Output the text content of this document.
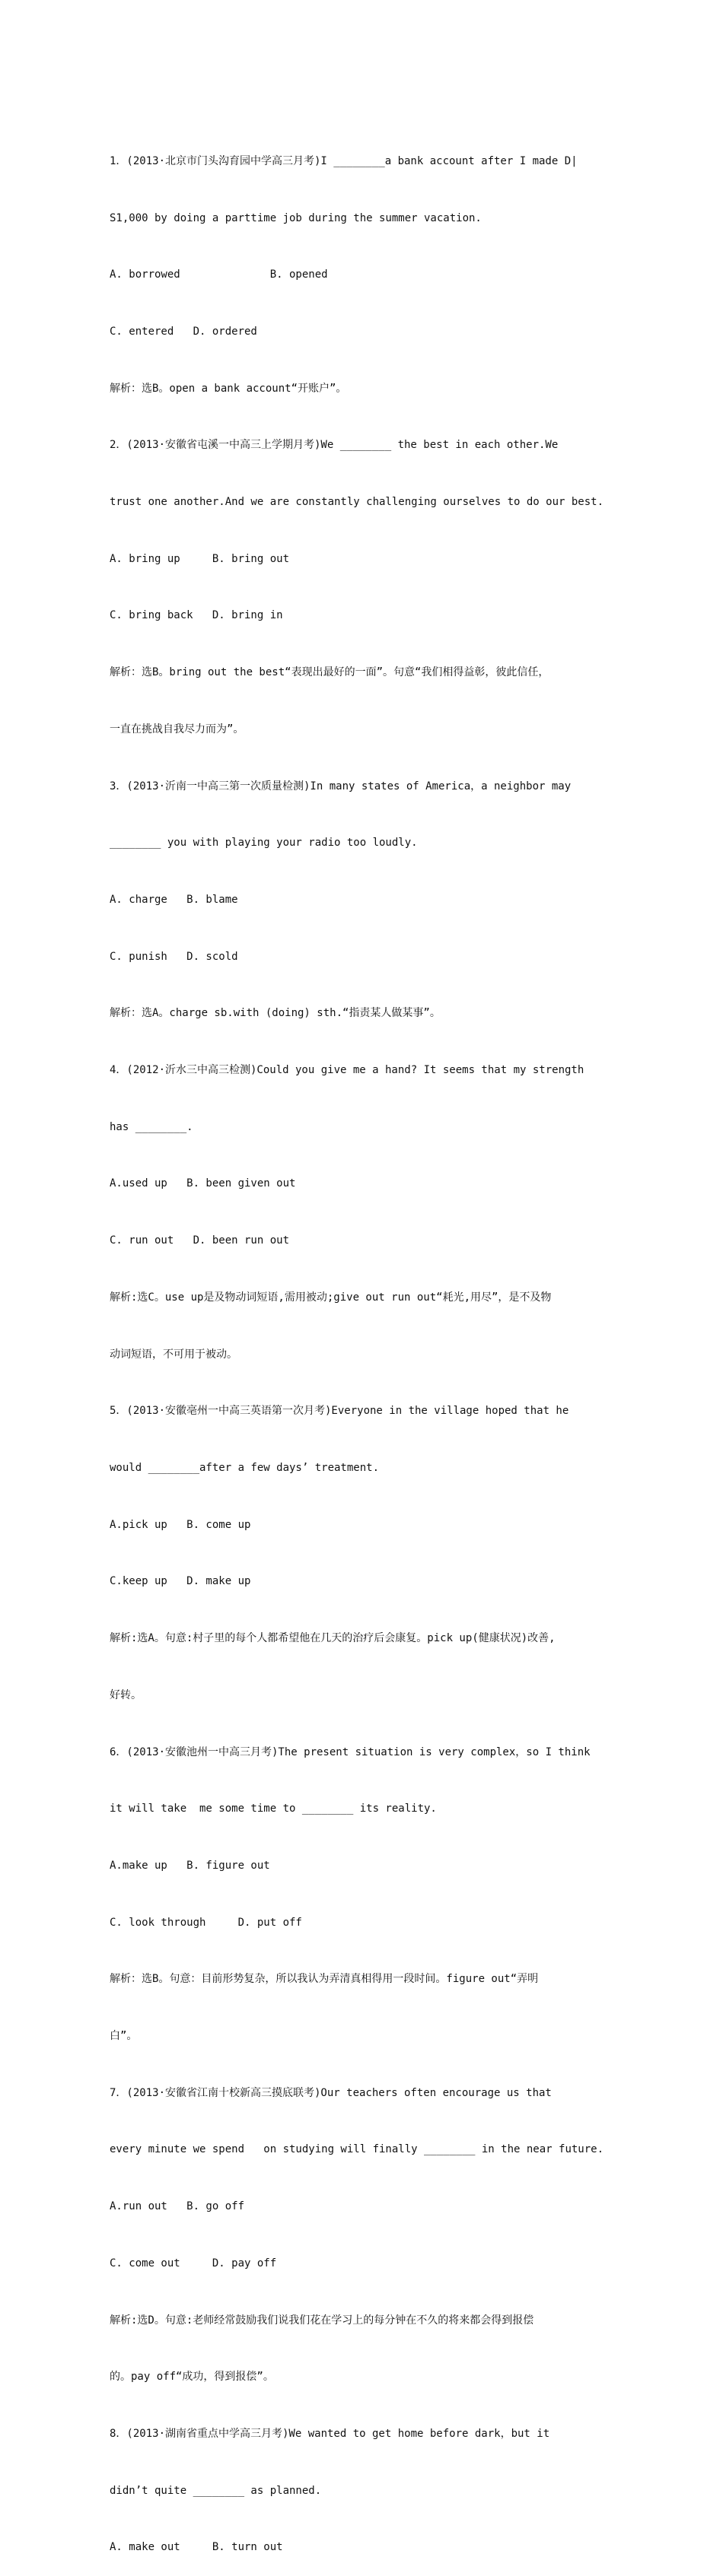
1．(2013·北京市门头沟育园中学高三月考)I ________a bank account after I made D|

S1,000 by doing a parttime job during the summer vacation.

A. borrowed              B. opened

C. entered   D. ordered

解析：选B。open a bank account“开账户”。

2．(2013·安徽省屯溪一中高三上学期月考)We ________ the best in each other.We

trust one another.And we are constantly challenging ourselves to do our best.

A. bring up     B. bring out

C. bring back   D. bring in

解析：选B。bring out the best“表现出最好的一面”。句意“我们相得益彰，彼此信任，

一直在挑战自我尽力而为”。

3．(2013·沂南一中高三第一次质量检测)In many states of America，a neighbor may

________ you with playing your radio too loudly.

A. charge   B. blame

C. punish   D. scold

解析：选A。charge sb.with (doing) sth.“指责某人做某事”。

4．(2012·沂水三中高三检测)Could you give me a hand? It seems that my strength

has ________.

A.used up   B. been given out

C. run out   D. been run out

解析:选C。use up是及物动词短语,需用被动;give out run out“耗光,用尽”，是不及物

动词短语，不可用于被动。

5．(2013·安徽亳州一中高三英语第一次月考)Everyone in the village hoped that he

would ________after a few days’ treatment.

A.pick up   B. come up

C.keep up   D. make up

解析:选A。句意:村子里的每个人都希望他在几天的治疗后会康复。pick up(健康状况)改善,

好转。

6．(2013·安徽池州一中高三月考)The present situation is very complex，so I think

it will take  me some time to ________ its reality.

A.make up   B. figure out

C. look through     D. put off

解析：选B。句意：目前形势复杂，所以我认为弄清真相得用一段时间。figure out“弄明

白”。

7．(2013·安徽省江南十校新高三摸底联考)Our teachers often encourage us that

every minute we spend   on studying will finally ________ in the near future.

A.run out   B. go off

C. come out     D. pay off

解析:选D。句意:老师经常鼓励我们说我们花在学习上的每分钟在不久的将来都会得到报偿

的。pay off“成功，得到报偿”。

8．(2013·湖南省重点中学高三月考)We wanted to get home before dark，but it

didn’t quite ________ as planned.

A. make out     B. turn out
